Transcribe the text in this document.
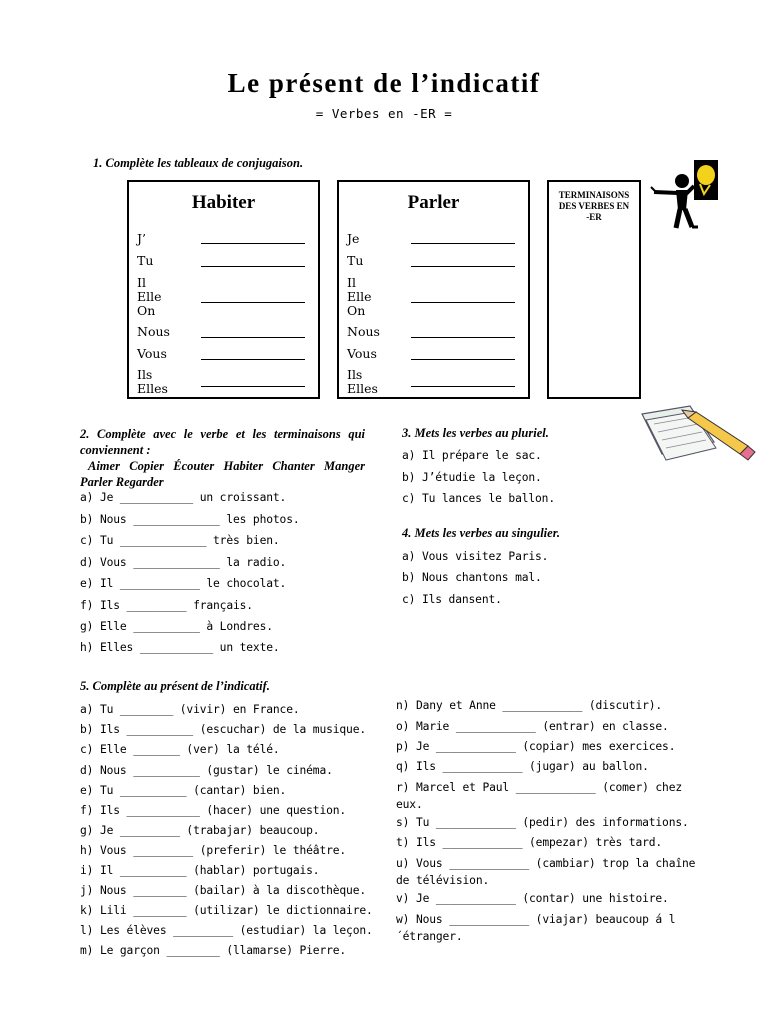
Le présent de l’indicatif
= Verbes en -ER =
1. Complète les tableaux de conjugaison.
Habiter
J’
Tu
Il
Elle
On
Nous
Vous
Ils
Elles
Parler
Je
Tu
Il
Elle
On
Nous
Vous
Ils
Elles
TERMINAISONS
DES VERBES EN
-ER
2. Complète avec le verbe et les terminaisons qui conviennent :
Aimer Copier Écouter Habiter Chanter Manger Parler Regarder
a) Je ___________ un croissant.
b) Nous _____________ les photos.
c) Tu _____________ très bien.
d) Vous _____________ la radio.
e) Il ____________ le chocolat.
f) Ils _________ français.
g) Elle __________ à Londres.
h) Elles ___________ un texte.
3. Mets les verbes au pluriel.
a) Il prépare le sac.
b) J’étudie la leçon.
c) Tu lances le ballon.
4. Mets les verbes au singulier.
a) Vous visitez Paris.
b) Nous chantons mal.
c) Ils dansent.
5. Complète au présent de l’indicatif.
a) Tu ________ (vivir) en France.
b) Ils __________ (escuchar) de la musique.
c) Elle _______ (ver) la télé.
d) Nous __________ (gustar) le cinéma.
e) Tu __________ (cantar) bien.
f) Ils ___________ (hacer) une question.
g) Je _________ (trabajar) beaucoup.
h) Vous _________ (preferir) le théâtre.
i) Il __________ (hablar) portugais.
j) Nous ________ (bailar) à la discothèque.
k) Lili ________ (utilizar) le dictionnaire.
l) Les élèves _________ (estudiar) la leçon.
m) Le garçon ________ (llamarse) Pierre.
n) Dany et Anne ____________ (discutir).
o) Marie ____________ (entrar) en classe.
p) Je ____________ (copiar) mes exercices.
q) Ils ____________ (jugar) au ballon.
r) Marcel et Paul ____________ (comer) chez eux.
s) Tu ____________ (pedir) des informations.
t) Ils ____________ (empezar) très tard.
u) Vous ____________ (cambiar) trop la chaîne de télévision.
v) Je ____________ (contar) une histoire.
w) Nous ____________ (viajar) beaucoup á l ´étranger.
